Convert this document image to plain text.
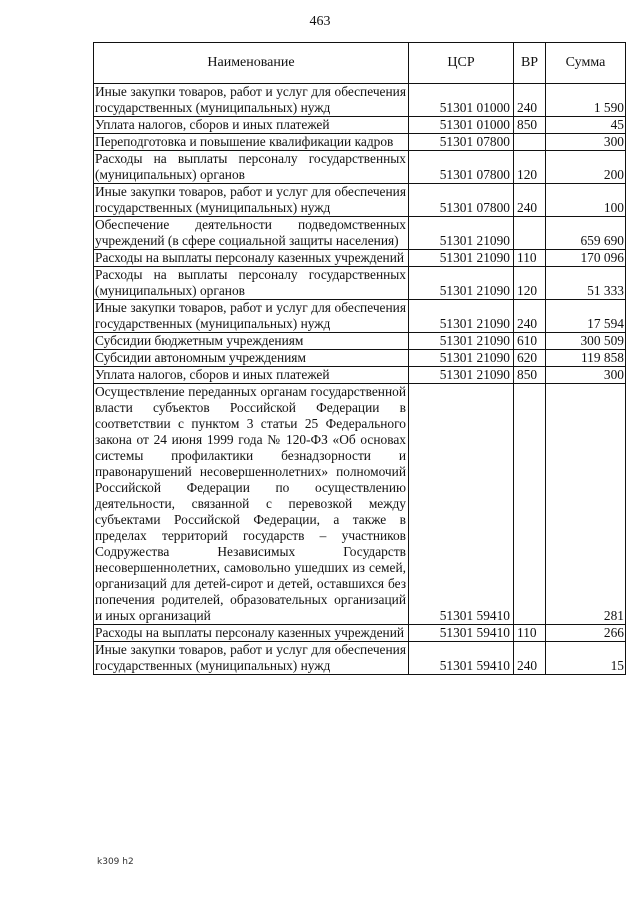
463
Наименование	ЦСР	ВР	Сумма
Иные закупки товаров, работ и услуг для обеспечения государственных (муниципальных) нужд	51301 01000	240	1 590
Уплата налогов, сборов и иных платежей	51301 01000	850	45
Переподготовка и повышение квалификации кадров	51301 07800		300
Расходы на выплаты персоналу государственных (муниципальных) органов	51301 07800	120	200
Иные закупки товаров, работ и услуг для обеспечения государственных (муниципальных) нужд	51301 07800	240	100
Обеспечение деятельности подведомственных учреждений (в сфере социальной защиты населения)	51301 21090		659 690
Расходы на выплаты персоналу казенных учреждений	51301 21090	110	170 096
Расходы на выплаты персоналу государственных (муниципальных) органов	51301 21090	120	51 333
Иные закупки товаров, работ и услуг для обеспечения государственных (муниципальных) нужд	51301 21090	240	17 594
Субсидии бюджетным учреждениям	51301 21090	610	300 509
Субсидии автономным учреждениям	51301 21090	620	119 858
Уплата налогов, сборов и иных платежей	51301 21090	850	300
Осуществление переданных органам государственной власти субъектов Российской Федерации в соответствии с пунктом 3 статьи 25 Федерального закона от 24 июня 1999 года № 120-ФЗ «Об основах системы профилактики безнадзорности и правонарушений несовершеннолетних» полномочий Российской Федерации по осуществлению деятельности, связанной с перевозкой между субъектами Российской Федерации, а также в пределах территорий государств – участников Содружества Независимых Государств несовершеннолетних, самовольно ушедших из семей, организаций для детей-сирот и детей, оставшихся без попечения родителей, образовательных организаций и иных организаций	51301 59410		281
Расходы на выплаты персоналу казенных учреждений	51301 59410	110	266
Иные закупки товаров, работ и услуг для обеспечения государственных (муниципальных) нужд	51301 59410	240	15
k309 h2
